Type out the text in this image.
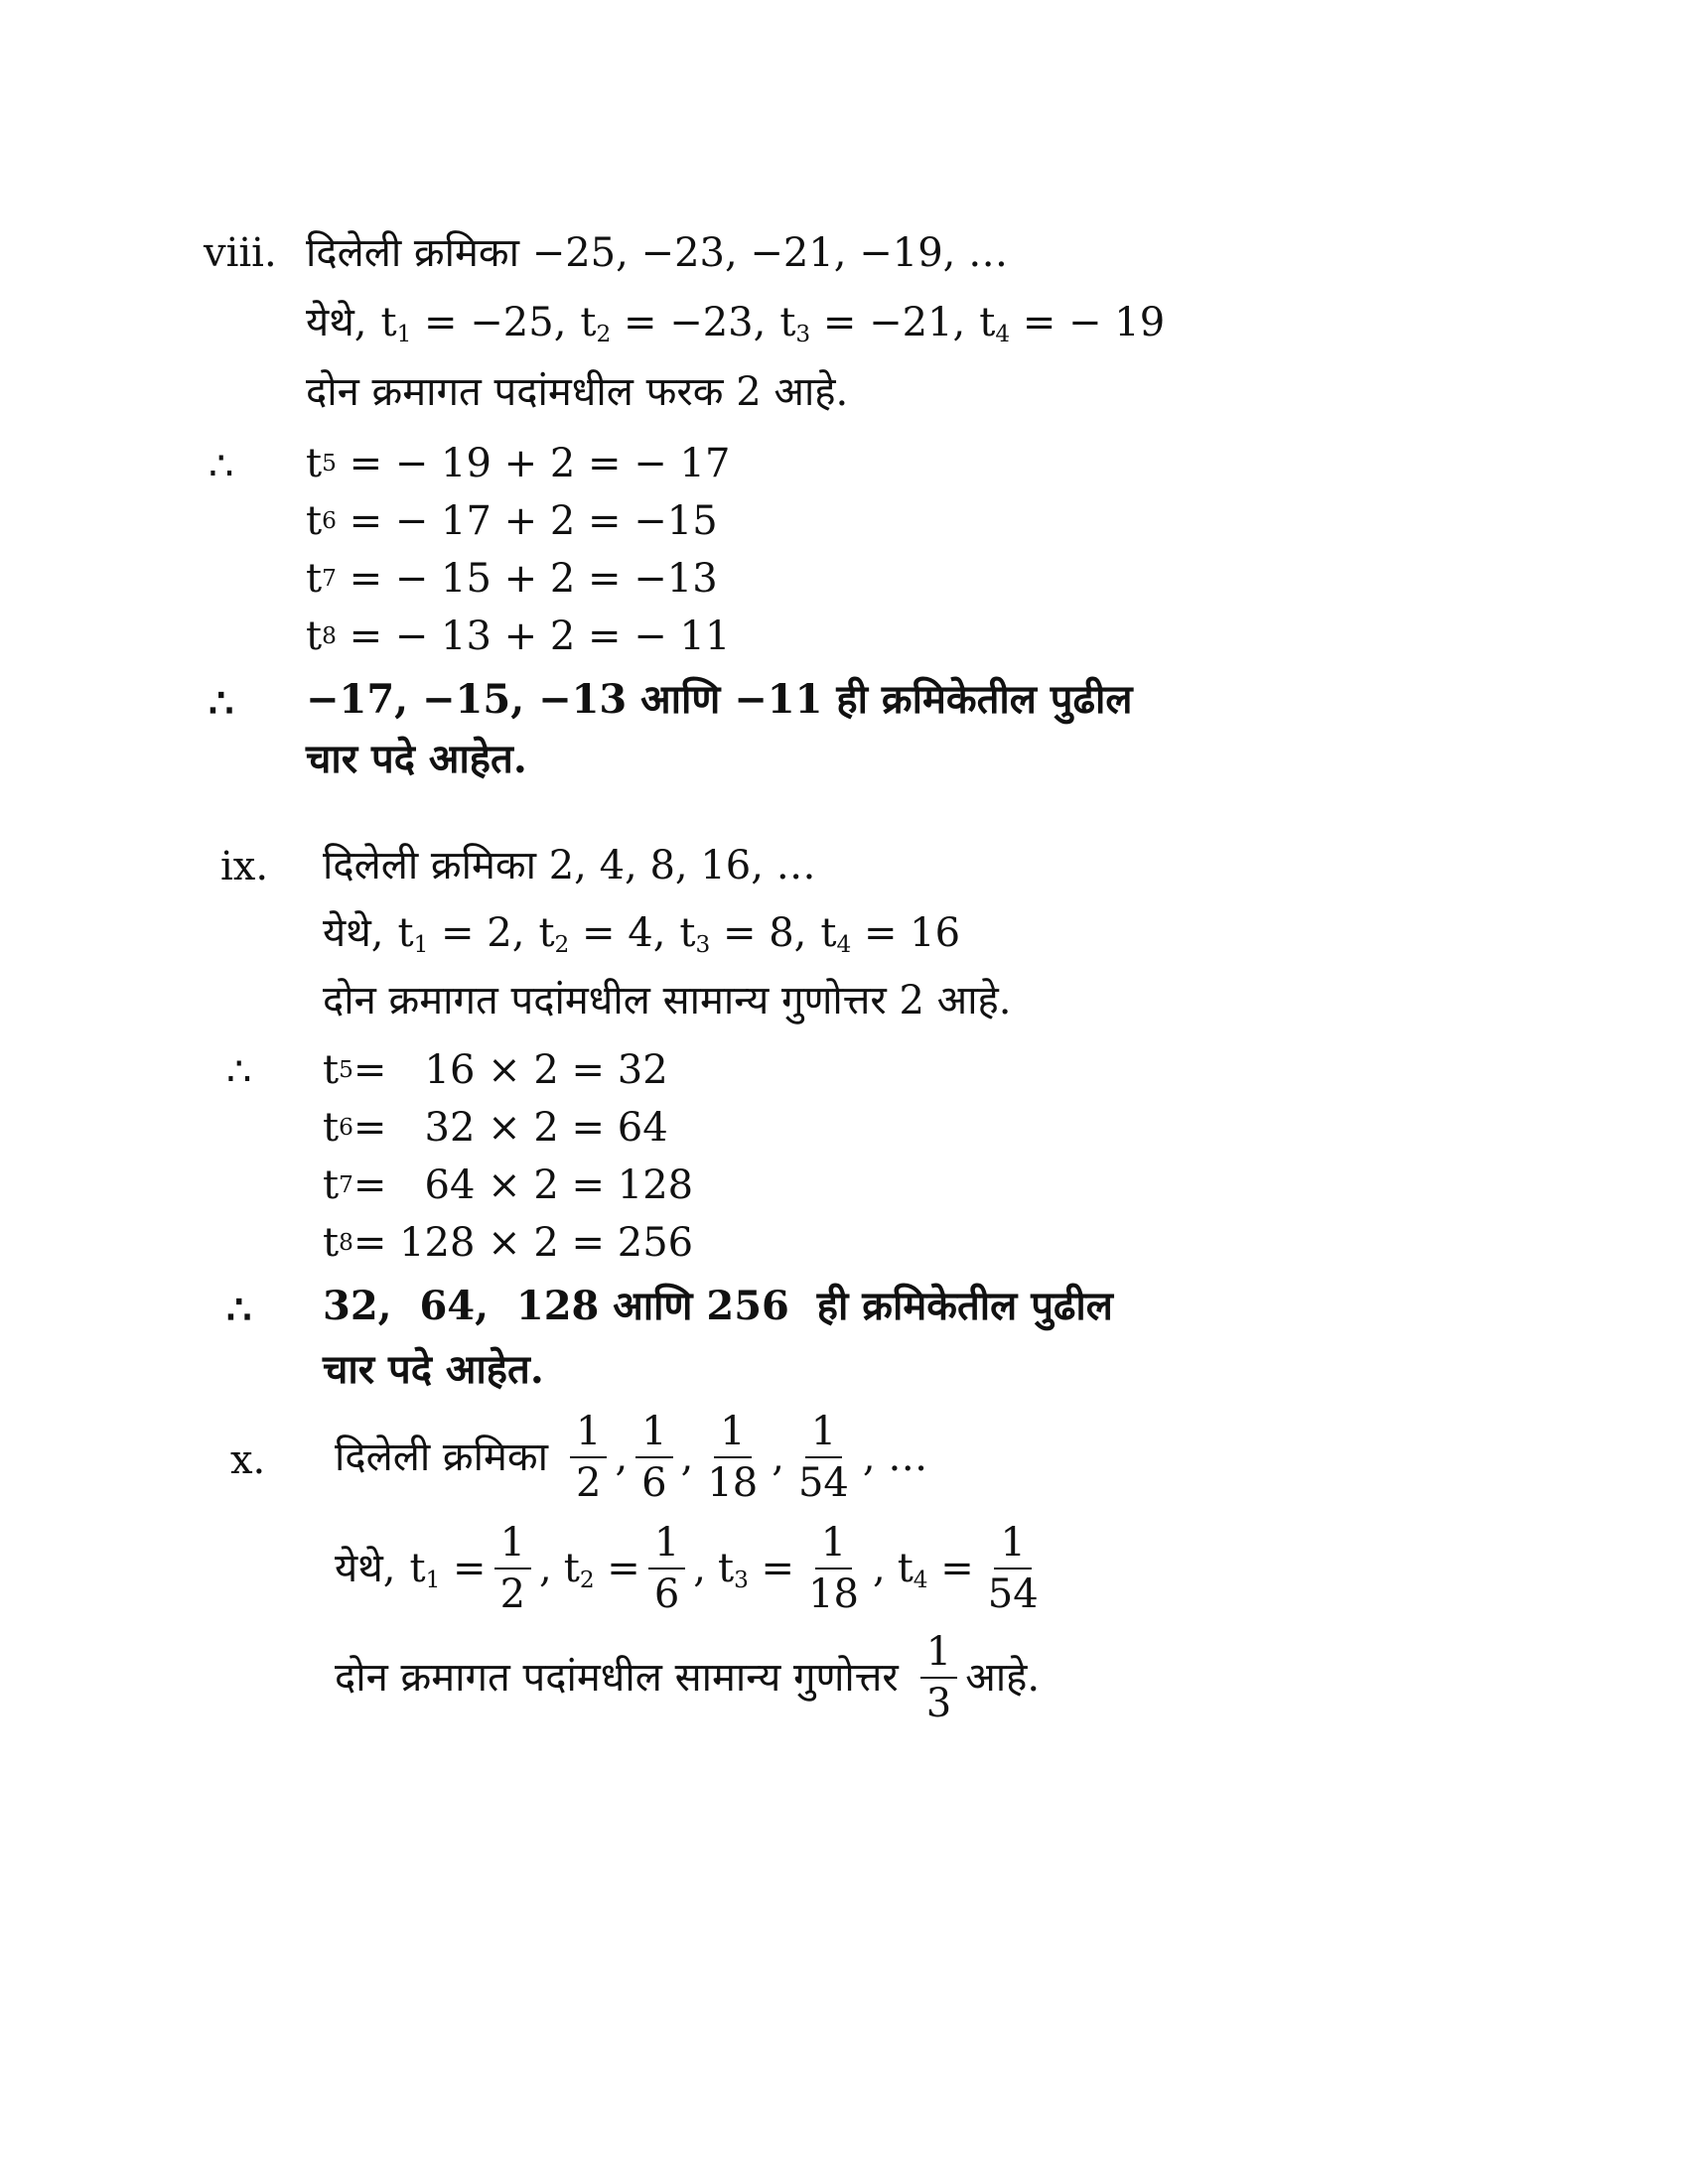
viii. दिलेली क्रमिका −25, −23, −21, −19, …
येथे, $t_1 = -25$, $t_2 = -23$, $t_3 = -21$, $t_4$ = − 19
दोन क्रमागत पदांमधील फरक 2 आहे.
∴ t 5
= − 19 + 2 = − 17
t 6
= − 17 + 2 = −15
t 7
= − 15 + 2 = −13
t 8
= − 13 + 2 = − 11
∴ −17, −15, −13 आणि −11 ही क्रमिकेतील पुढील
चार पदे आहेत.
ix. दिलेली क्रमिका 2, 4, 8, 16, …
येथे, $t_1 = 2$, $t_2 = 4$, $t_3 = 8$, $t_4 = 16$
दोन क्रमागत पदांमधील सामान्य गुणोत्तर 2 आहे.
∴ t 5 =   16 × 2 = 32
t 6 =   32 × 2 = 64
t 7 =   64 × 2 = 128
t 8 = 128 × 2 = 256
∴ 32,  64,  128 आणि 256  ही क्रमिकेतील पुढील
चार पदे आहेत.
x. दिलेली क्रमिका $\frac{1}{2}$ , $\frac{1}{6}$ , $\frac{1}{18}$ , $\frac{1}{54}$ , …
येथे, $t_1 = \frac{1}{2}$ , $t_2 = \frac{1}{6}$ , $t_3 = \frac{1}{18}$ , $t_4 = \frac{1}{54}$
दोन क्रमागत पदांमधील सामान्य गुणोत्तर $\frac{1}{3}$ आहे.
